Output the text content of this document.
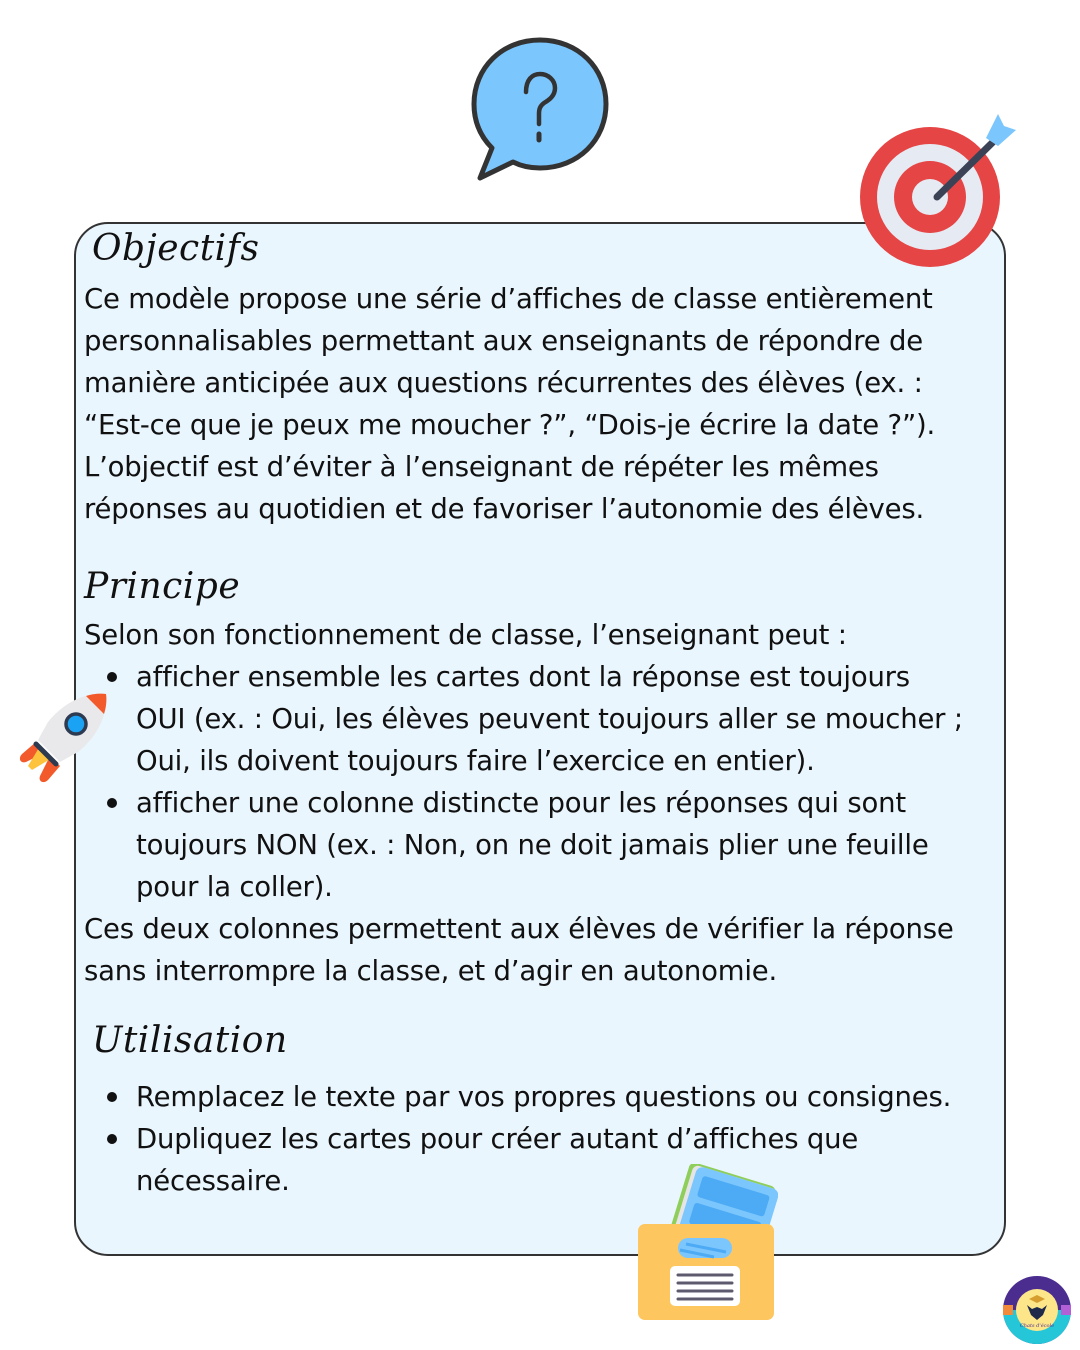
Objectifs
Ce modèle propose une série d’affiches de classe entièrement
personnalisables permettant aux enseignants de répondre de
manière anticipée aux questions récurrentes des élèves (ex. :
“Est-ce que je peux me moucher ?”, “Dois-je écrire la date ?”).
L’objectif est d’éviter à l’enseignant de répéter les mêmes
réponses au quotidien et de favoriser l’autonomie des élèves.
Principe
Selon son fonctionnement de classe, l’enseignant peut :
afficher ensemble les cartes dont la réponse est toujours
OUI (ex. : Oui, les élèves peuvent toujours aller se moucher ;
Oui, ils doivent toujours faire l’exercice en entier).
afficher une colonne distincte pour les réponses qui sont
toujours NON (ex. : Non, on ne doit jamais plier une feuille
pour la coller).
Ces deux colonnes permettent aux élèves de vérifier la réponse
sans interrompre la classe, et d’agir en autonomie.
Utilisation
Remplacez le texte par vos propres questions ou consignes.
Dupliquez les cartes pour créer autant d’affiches que
nécessaire.
Chats d'école
